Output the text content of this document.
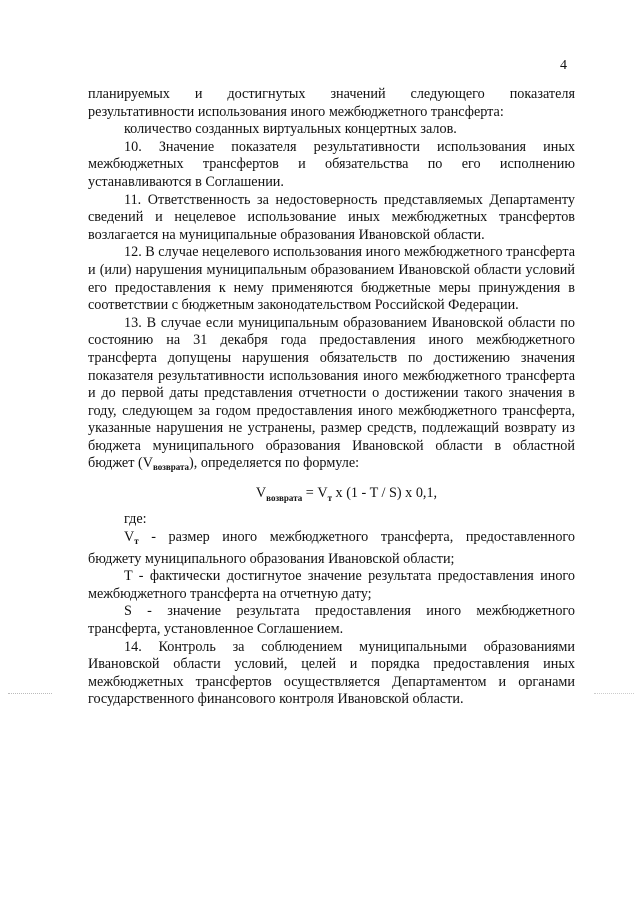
4

планируемых и достигнутых значений следующего показателя результативности использования иного межбюджетного трансферта:

количество созданных виртуальных концертных залов.

10. Значение показателя результативности использования иных межбюджетных трансфертов и обязательства по его исполнению устанавливаются в Соглашении.

11. Ответственность за недостоверность представляемых Департаменту сведений и нецелевое использование иных межбюджетных трансфертов возлагается на муниципальные образования Ивановской области.

12. В случае нецелевого использования иного межбюджетного трансферта и (или) нарушения муниципальным образованием Ивановской области условий его предоставления к нему применяются бюджетные меры принуждения в соответствии с бюджетным законодательством Российской Федерации.

13. В случае если муниципальным образованием Ивановской области по состоянию на 31 декабря года предоставления иного межбюджетного трансферта допущены нарушения обязательств по достижению значения показателя результативности использования иного межбюджетного трансферта и до первой даты представления отчетности о достижении такого значения в году, следующем за годом предоставления иного межбюджетного трансферта, указанные нарушения не устранены, размер средств, подлежащий возврату из бюджета муниципального образования Ивановской области в областной бюджет $(V_{возврата})$, определяется по формуле:

$V_{возврата} = V_т$ x (1 - T / S) x 0,1,

где:

$V_т$ - размер иного межбюджетного трансферта, предоставленного бюджету муниципального образования Ивановской области;

T - фактически достигнутое значение результата предоставления иного межбюджетного трансферта на отчетную дату;

S - значение результата предоставления иного межбюджетного трансферта, установленное Соглашением.

14. Контроль за соблюдением муниципальными образованиями Ивановской области условий, целей и порядка предоставления иных межбюджетных трансфертов осуществляется Департаментом и органами государственного финансового контроля Ивановской области.
